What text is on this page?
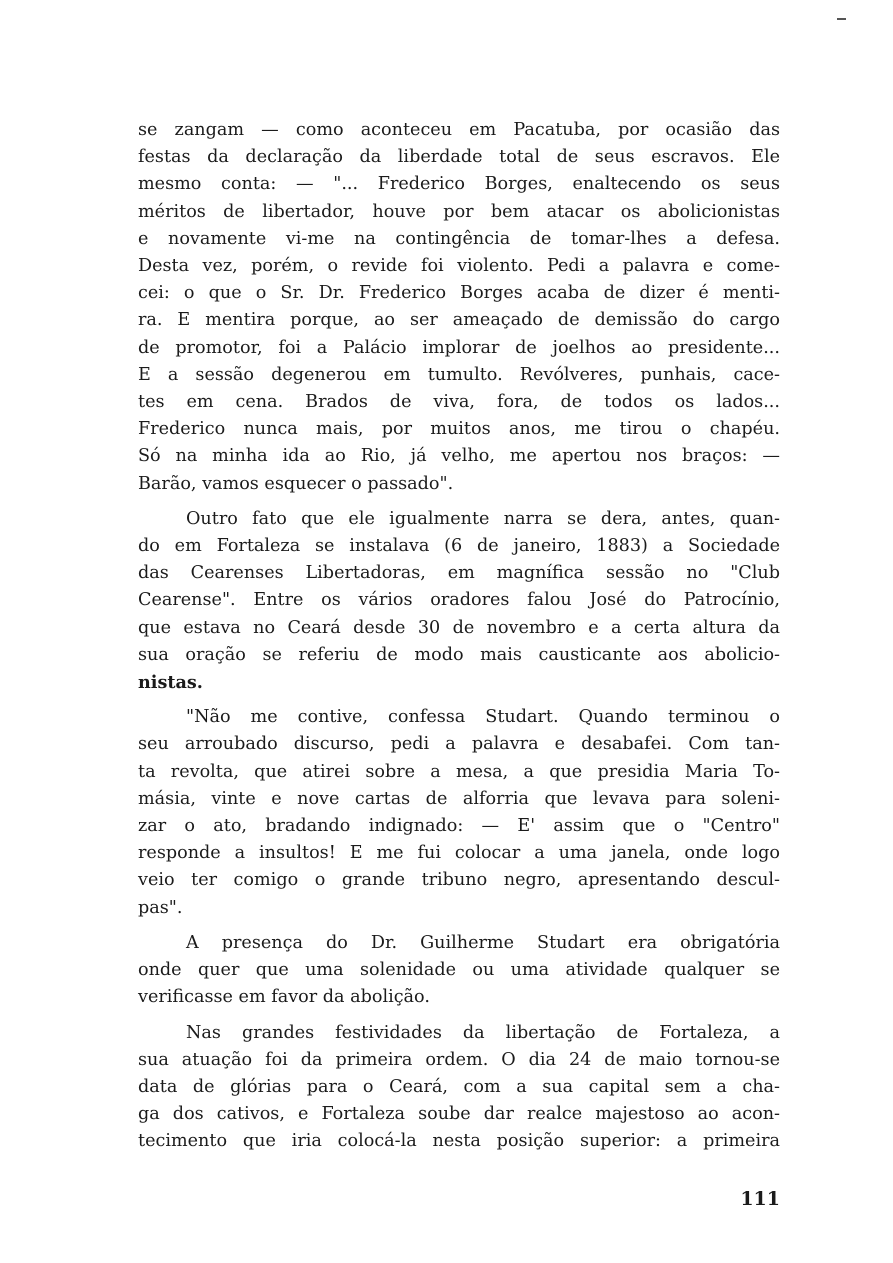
se zangam — como aconteceu em Pacatuba, por ocasião das
festas da declaração da liberdade total de seus escravos. Ele
mesmo conta: — "... Frederico Borges, enaltecendo os seus
méritos de libertador, houve por bem atacar os abolicionistas
e novamente vi-me na contingência de tomar-lhes a defesa.
Desta vez, porém, o revide foi violento. Pedi a palavra e come-
cei: o que o Sr. Dr. Frederico Borges acaba de dizer é menti-
ra. E mentira porque, ao ser ameaçado de demissão do cargo
de promotor, foi a Palácio implorar de joelhos ao presidente...
E a sessão degenerou em tumulto. Revólveres, punhais, cace-
tes em cena. Brados de viva, fora, de todos os lados...
Frederico nunca mais, por muitos anos, me tirou o chapéu.
Só na minha ida ao Rio, já velho, me apertou nos braços: —
Barão, vamos esquecer o passado".
Outro fato que ele igualmente narra se dera, antes, quan-
do em Fortaleza se instalava (6 de janeiro, 1883) a Sociedade
das Cearenses Libertadoras, em magnífica sessão no "Club
Cearense". Entre os vários oradores falou José do Patrocínio,
que estava no Ceará desde 30 de novembro e a certa altura da
sua oração se referiu de modo mais causticante aos abolicio-
nistas.
"Não me contive, confessa Studart. Quando terminou o
seu arroubado discurso, pedi a palavra e desabafei. Com tan-
ta revolta, que atirei sobre a mesa, a que presidia Maria To-
másia, vinte e nove cartas de alforria que levava para soleni-
zar o ato, bradando indignado: — E' assim que o "Centro"
responde a insultos! E me fui colocar a uma janela, onde logo
veio ter comigo o grande tribuno negro, apresentando descul-
pas".
A presença do Dr. Guilherme Studart era obrigatória
onde quer que uma solenidade ou uma atividade qualquer se
verificasse em favor da abolição.
Nas grandes festividades da libertação de Fortaleza, a
sua atuação foi da primeira ordem. O dia 24 de maio tornou-se
data de glórias para o Ceará, com a sua capital sem a cha-
ga dos cativos, e Fortaleza soube dar realce majestoso ao acon-
tecimento que iria colocá-la nesta posição superior: a primeira
111
